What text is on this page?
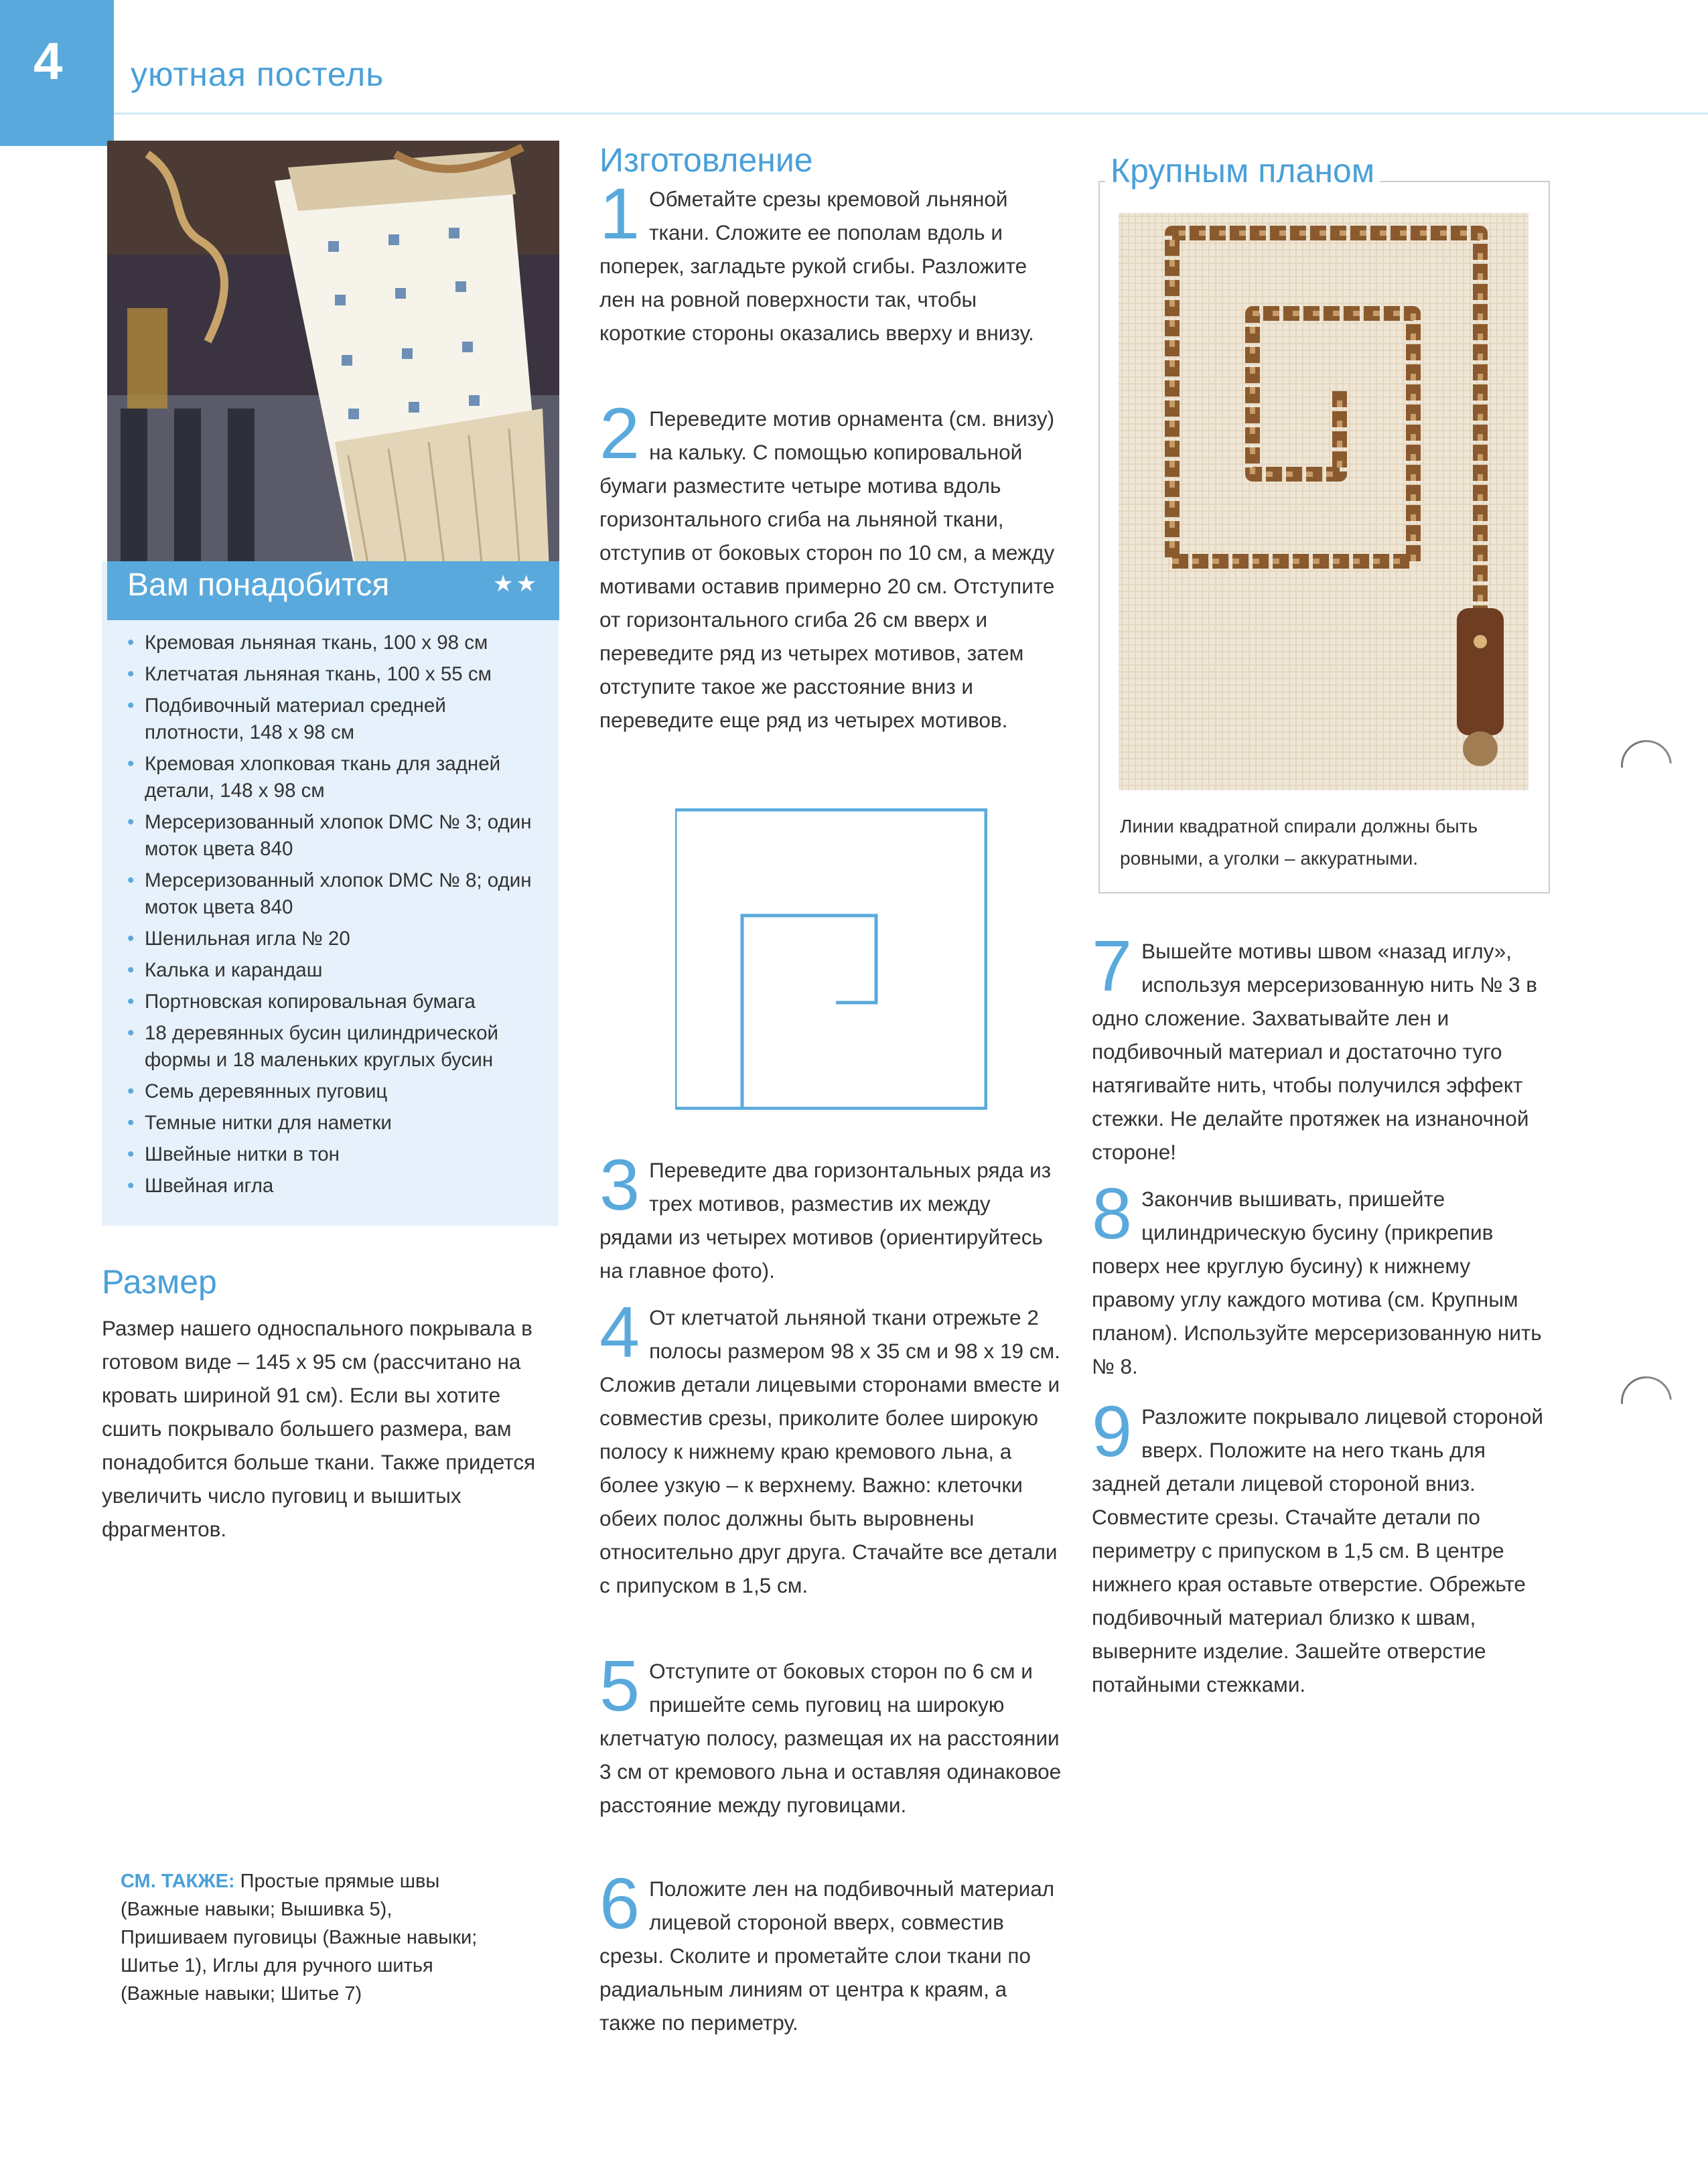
4 уютная постель
Вам понадобится	★★
• Кремовая льняная ткань, 100 х 98 см
• Клетчатая льняная ткань, 100 х 55 см
• Подбивочный материал средней плотности, 148 х 98 см
• Кремовая хлопковая ткань для задней детали, 148 х 98 см
• Мерсеризованный хлопок DMC № 3; один моток цвета 840
• Мерсеризованный хлопок DMC № 8; один моток цвета 840
• Шенильная игла № 20
• Калька и карандаш
• Портновская копировальная бумага
• 18 деревянных бусин цилиндрической формы и 18 маленьких круглых бусин
• Семь деревянных пуговиц
• Темные нитки для наметки
• Швейные нитки в тон
• Швейная игла
Размер
Размер нашего односпального покрывала в готовом виде – 145 х 95 см (рассчитано на кровать шириной 91 см). Если вы хотите сшить покрывало большего размера, вам понадобится больше ткани. Также придется увеличить число пуговиц и вышитых фрагментов.
СМ. ТАКЖЕ: Простые прямые швы (Важные навыки; Вышивка 5), Пришиваем пуговицы (Важные навыки; Шитье 1), Иглы для ручного шитья (Важные навыки; Шитье 7)
Изготовление
1 Обметайте срезы кремовой льняной ткани. Сложите ее пополам вдоль и поперек, загладьте рукой сгибы. Разложите лен на ровной поверхности так, чтобы короткие стороны оказались вверху и внизу.

2 Переведите мотив орнамента (см. внизу) на кальку. С помощью копировальной бумаги разместите четыре мотива вдоль горизонтального сгиба на льняной ткани, отступив от боковых сторон по 10 см, а между мотивами оставив примерно 20 см. Отступите от горизонтального сгиба 26 см вверх и переведите ряд из четырех мотивов, затем отступите такое же расстояние вниз и переведите еще ряд из четырех мотивов.

3 Переведите два горизонтальных ряда из трех мотивов, разместив их между рядами из четырех мотивов (ориентируйтесь на главное фото).

4 От клетчатой льняной ткани отрежьте 2 полосы размером 98 х 35 см и 98 х 19 см. Сложив детали лицевыми сторонами вместе и совместив срезы, приколите более широкую полосу к нижнему краю кремового льна, а более узкую – к верхнему. Важно: клеточки обеих полос должны быть выровнены относительно друг друга. Стачайте все детали с припуском в 1,5 см.

5 Отступите от боковых сторон по 6 см и пришейте семь пуговиц на широкую клетчатую полосу, размещая их на расстоянии 3 см от кремового льна и оставляя одинаковое расстояние между пуговицами.

6 Положите лен на подбивочный материал лицевой стороной вверх, совместив срезы. Сколите и прометайте слои ткани по радиальным линиям от центра к краям, а также по периметру.

Крупным планом
Линии квадратной спирали должны быть ровными, а уголки – аккуратными.
7 Вышейте мотивы швом «назад иглу», используя мерсеризованную нить № 3 в одно сложение. Захватывайте лен и подбивочный материал и достаточно туго натягивайте нить, чтобы получился эффект стежки. Не делайте протяжек на изнаночной стороне!

8 Закончив вышивать, пришейте цилиндрическую бусину (прикрепив поверх нее круглую бусину) к нижнему правому углу каждого мотива (см. Крупным планом). Используйте мерсеризованную нить № 8.

9 Разложите покрывало лицевой стороной вверх. Положите на него ткань для задней детали лицевой стороной вниз. Совместите срезы. Стачайте детали по периметру с припуском в 1,5 см. В центре нижнего края оставьте отверстие. Обрежьте подбивочный материал близко к швам, выверните изделие. Зашейте отверстие потайными стежками.
